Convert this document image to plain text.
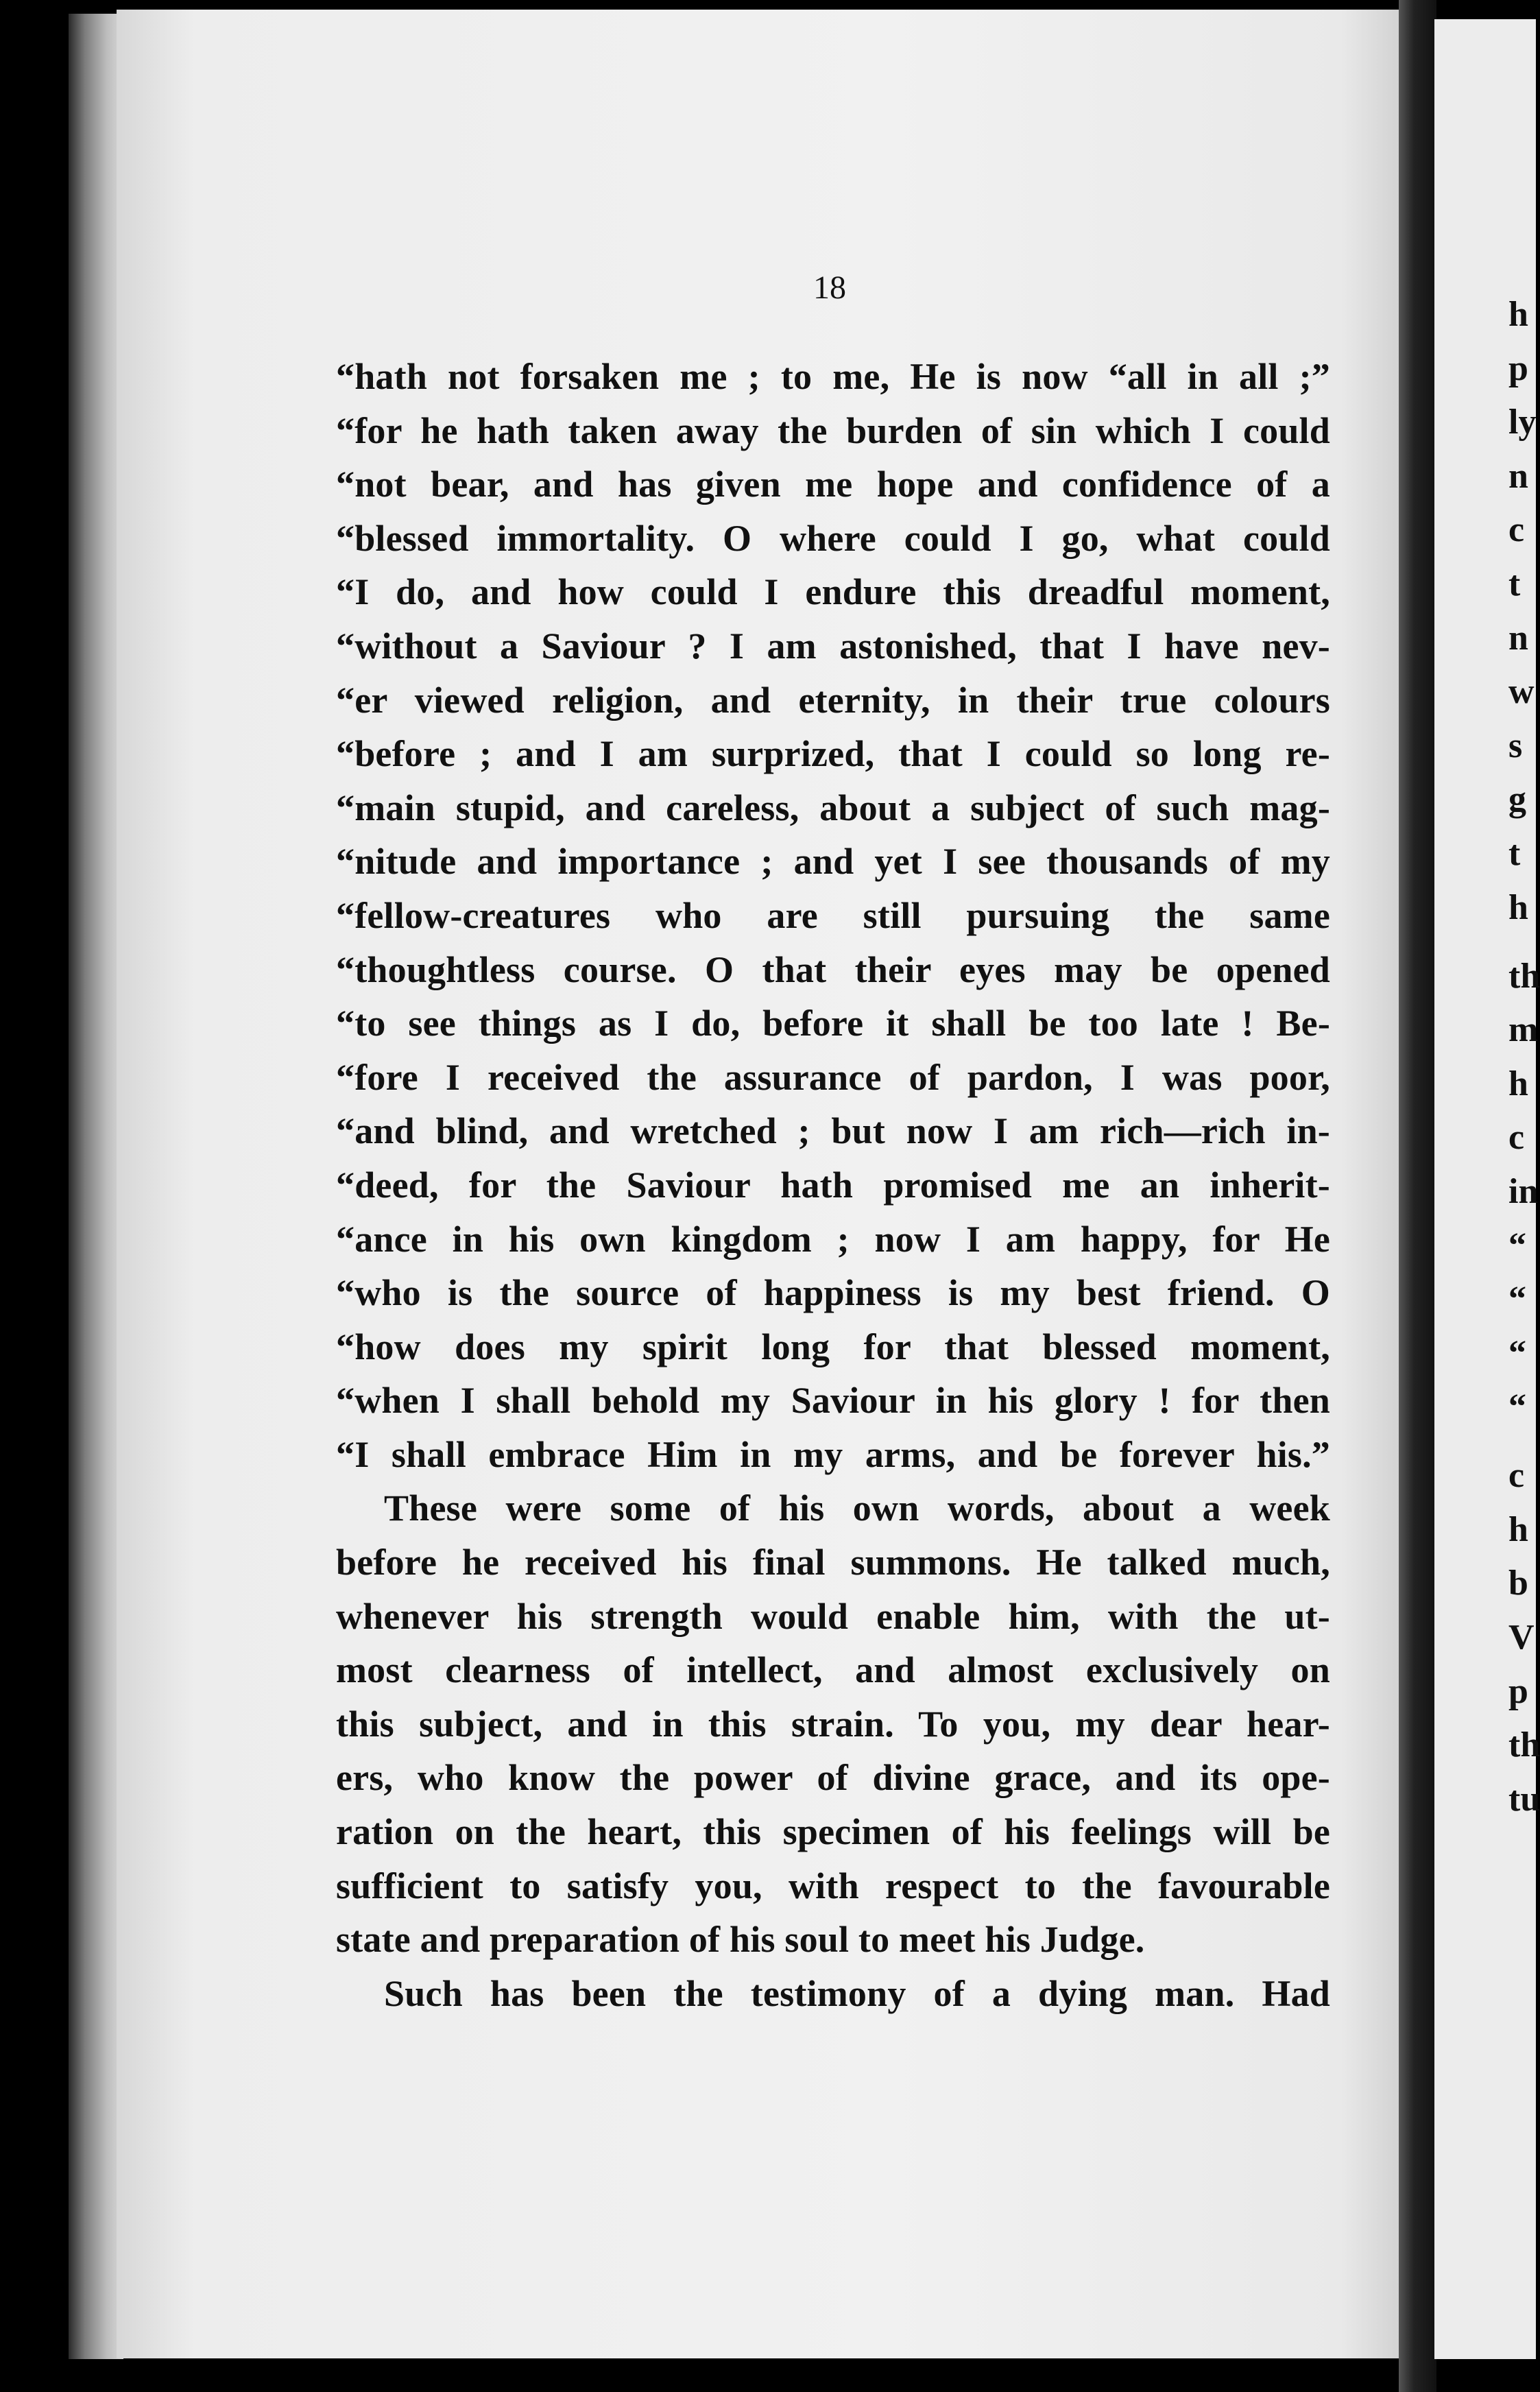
18
“hath not forsaken me ; to me, He is now “all in all ;”
“for he hath taken away the burden of sin which I could
“not bear, and has given me hope and confidence of a
“blessed immortality. O where could I go, what could
“I do, and how could I endure this dreadful moment,
“without a Saviour ? I am astonished, that I have nev-
“er viewed religion, and eternity, in their true colours
“before ; and I am surprized, that I could so long re-
“main stupid, and careless, about a subject of such mag-
“nitude and importance ; and yet I see thousands of my
“fellow-creatures who are still pursuing the same
“thoughtless course. O that their eyes may be opened
“to see things as I do, before it shall be too late ! Be-
“fore I received the assurance of pardon, I was poor,
“and blind, and wretched ; but now I am rich—rich in-
“deed, for the Saviour hath promised me an inherit-
“ance in his own kingdom ; now I am happy, for He
“who is the source of happiness is my best friend. O
“how does my spirit long for that blessed moment,
“when I shall behold my Saviour in his glory ! for then
“I shall embrace Him in my arms, and be forever his.”
These were some of his own words, about a week
before he received his final summons. He talked much,
whenever his strength would enable him, with the ut-
most clearness of intellect, and almost exclusively on
this subject, and in this strain. To you, my dear hear-
ers, who know the power of divine grace, and its ope-
ration on the heart, this specimen of his feelings will be
sufficient to satisfy you, with respect to the favourable
state and preparation of his soul to meet his Judge.
Such has been the testimony of a dying man. Had
h
p
ly
n
c
t
n
w
s
g
t
h
th
m
h
c
in
“
“
“
“
c
h
b
V
p
th
tu
